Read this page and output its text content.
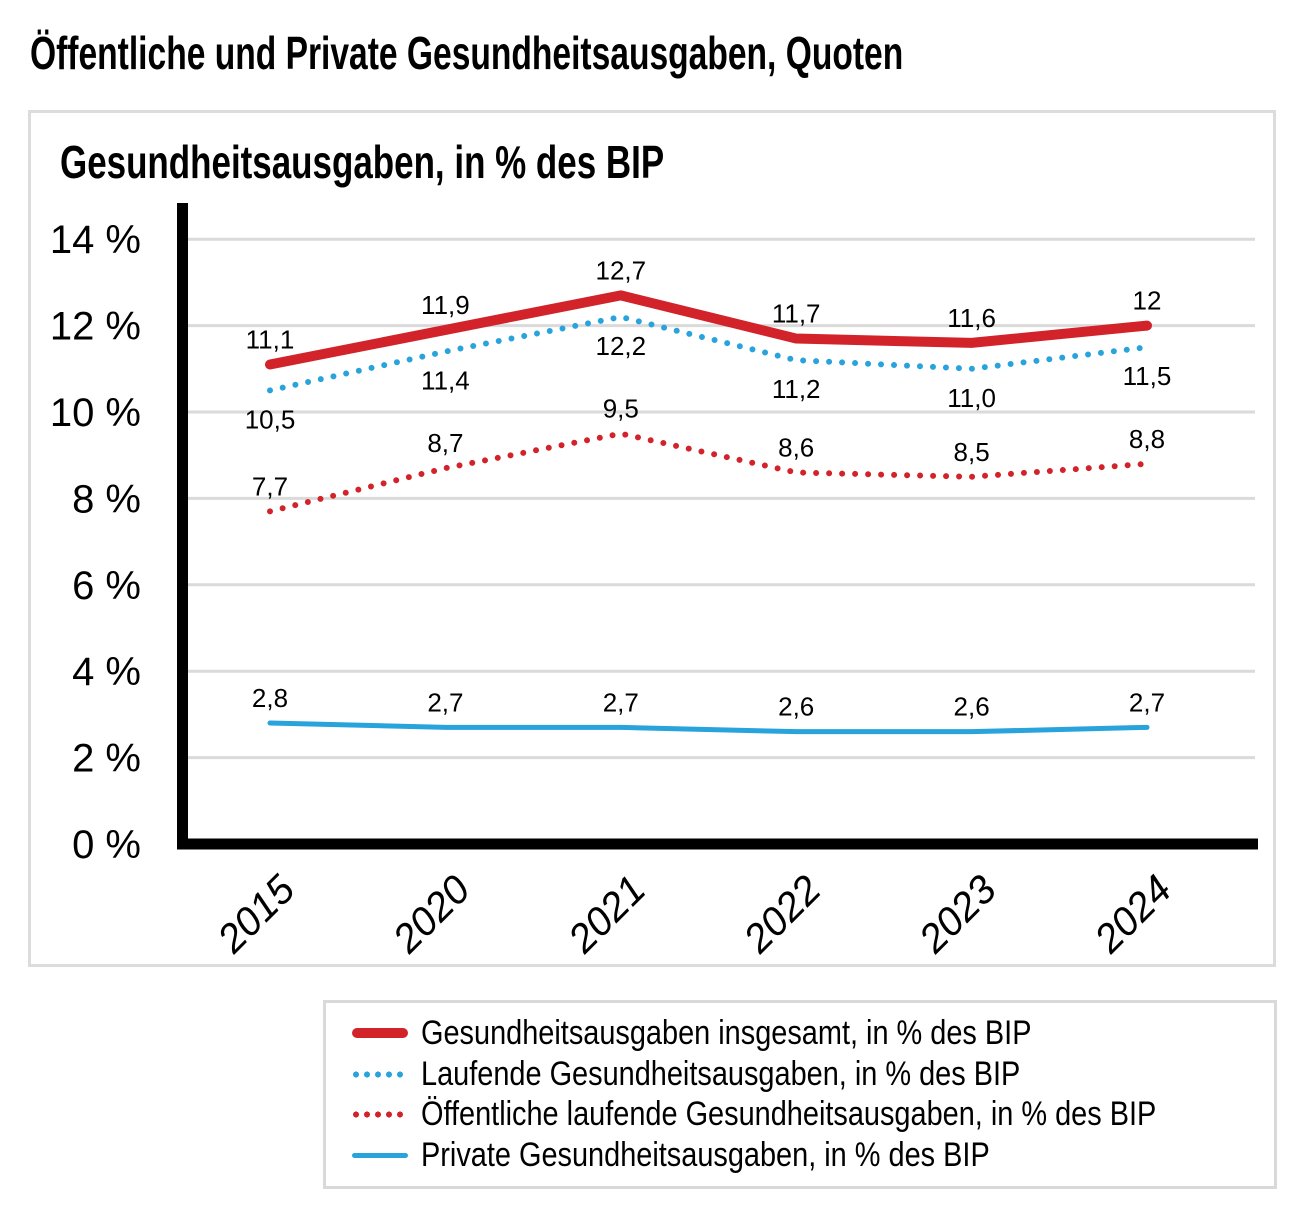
Öffentliche und Private Gesundheitsausgaben, Quoten
Gesundheitsausgaben, in % des BIP
0 %
2 %
4 %
6 %
8 %
10 %
12 %
14 %
2015 2020 2021 2022 2023 2024
11,1
11,9
12,7
11,7	11,6
12
10,5
11,4
12,2
11,2	11,0
11,5
7,7
8,7
9,5
8,6	8,5	8,8
2,8	2,7	2,7	2,6	2,6	2,7
Gesundheitsausgaben insgesamt, in % des BIP
Laufende Gesundheitsausgaben, in % des BIP
Öffentliche laufende Gesundheitsausgaben, in % des BIP
Private Gesundheitsausgaben, in % des BIP
